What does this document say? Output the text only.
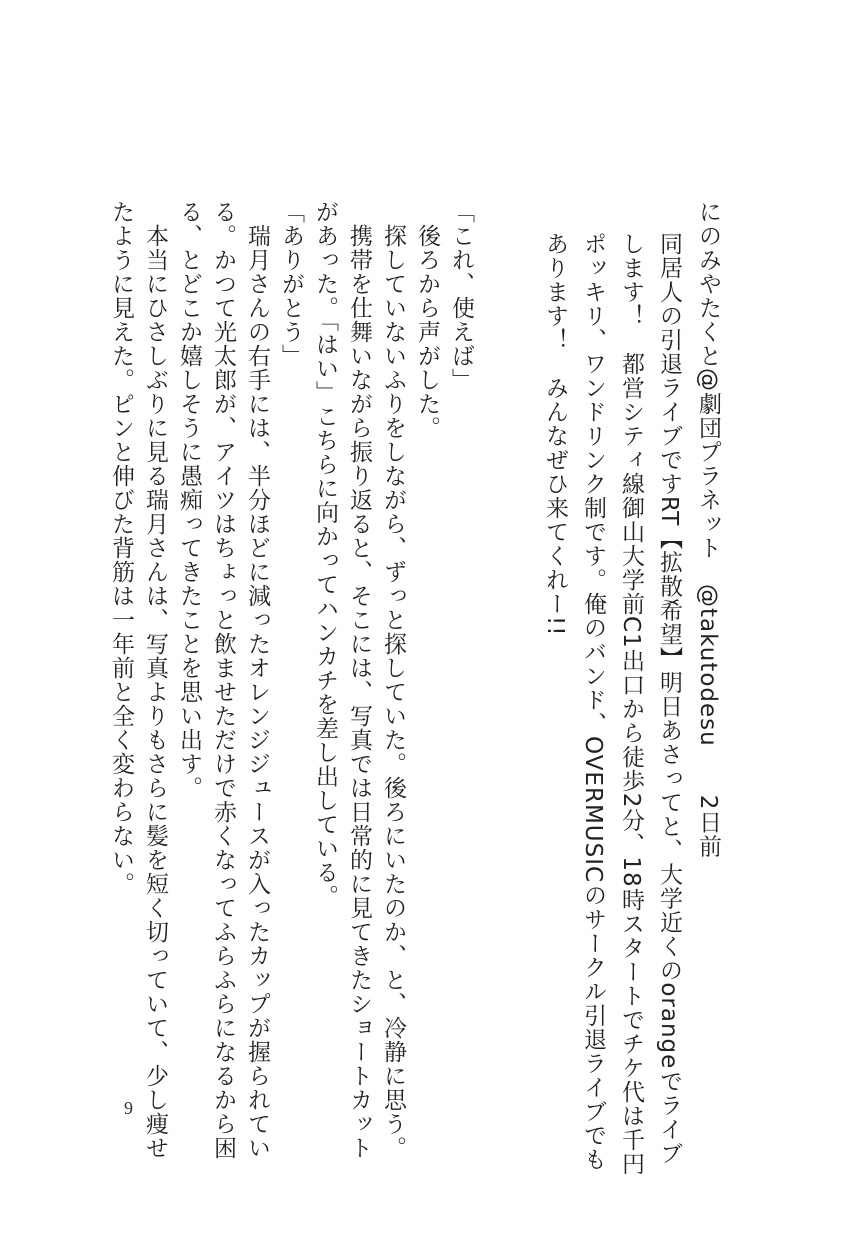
にのみやたくと@劇団プラネット　@takutodesu　　2日前
同居人の引退ライブですRT【拡散希望】明日あさってと、大学近くのorangeでライブ
します！　都営シティ線御山大学前C1出口から徒歩2分、18時スタートでチケ代は千円
ポッキリ、ワンドリンク制です。俺のバンド、OVERMUSICのサークル引退ライブでも
あります！　みんなぜひ来てくれー!!
「これ、使えば」
　後ろから声がした。
　探していないふりをしながら、ずっと探していた。後ろにいたのか、と、冷静に思う。
　携帯を仕舞いながら振り返ると、そこには、写真では日常的に見てきたショートカット
があった。「はい」こちらに向かってハンカチを差し出している。
「ありがとう」
　瑞月さんの右手には、半分ほどに減ったオレンジジュースが入ったカップが握られてい
る。かつて光太郎が、アイツはちょっと飲ませただけで赤くなってふらふらになるから困
る、とどこか嬉しそうに愚痴ってきたことを思い出す。
　本当にひさしぶりに見る瑞月さんは、写真よりもさらに髪を短く切っていて、少し痩せ
たように見えた。ピンと伸びた背筋は一年前と全く変わらない。
9
